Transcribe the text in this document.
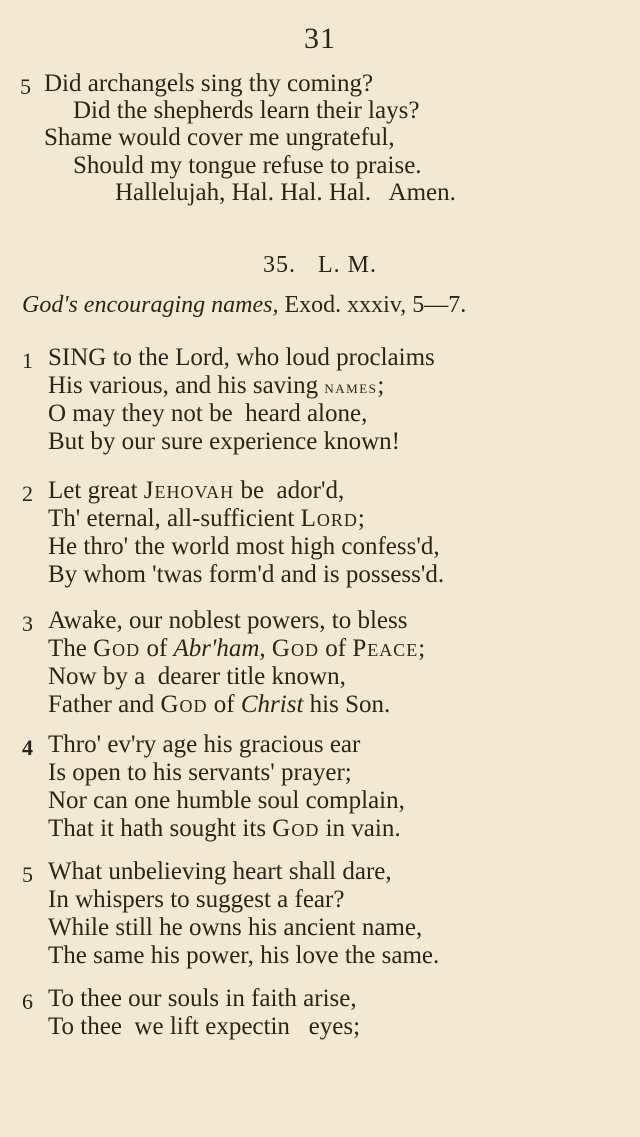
31
5 Did archangels sing thy coming?
Did the shepherds learn their lays?
Shame would cover me ungrateful,
Should my tongue refuse to praise.
Hallelujah, Hal. Hal. Hal.   Amen.
35. L. M.
God's encouraging names, Exod. xxxiv, 5—7.
1 SING to the Lord, who loud proclaims
His various, and his saving names;
O may they not be  heard alone,
But by our sure experience known!
2 Let great Jehovah be  ador'd,
Th' eternal, all-sufficient Lord;
He thro' the world most high confess'd,
By whom 'twas form'd and is possess'd.
3 Awake, our noblest powers, to bless
The God of Abr'ham, God of Peace;
Now by a  dearer title known,
Father and God of Christ his Son.
4 Thro' ev'ry age his gracious ear
Is open to his servants' prayer;
Nor can one humble soul complain,
That it hath sought its God in vain.
5 What unbelieving heart shall dare,
In whispers to suggest a fear?
While still he owns his ancient name,
The same his power, his love the same.
6 To thee our souls in faith arise,
To thee  we lift expectin   eyes;
